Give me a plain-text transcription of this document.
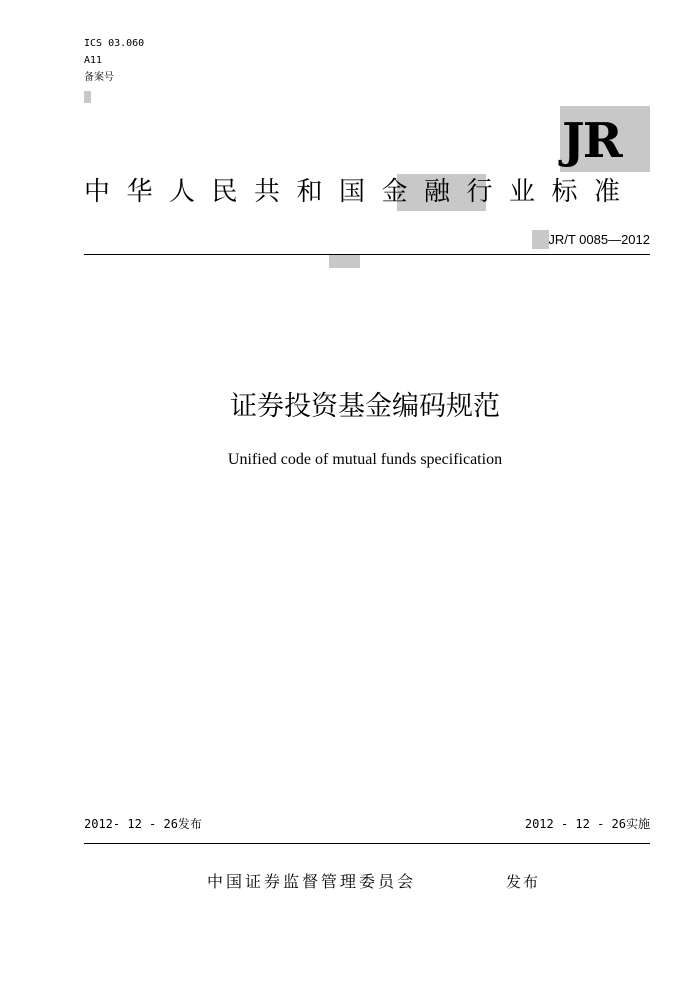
ICS 03.060
A11
备案号
JR
中华人民共和国金融行业标准
JR/T 0085—2012
证券投资基金编码规范
Unified code of mutual funds specification
2012- 12 - 26发布	2012 - 12 - 26实施
中国证券监督管理委员会	发布
